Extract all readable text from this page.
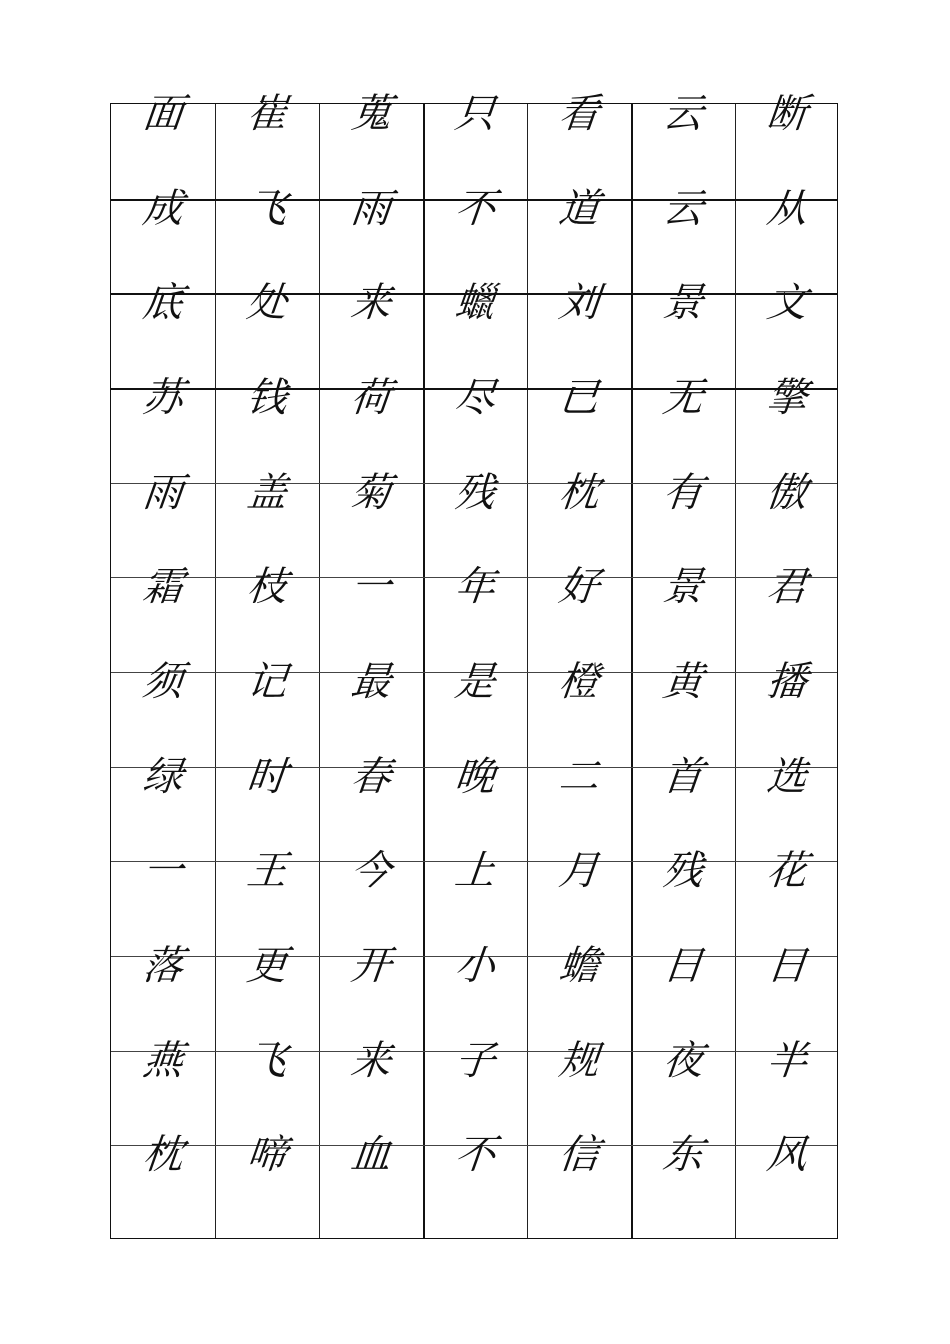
断
从
文
擎
傲
君
播
选
花
日
半
风
云
云
景
无
有
景
黄
首
残
日
夜
东
看
道
刘
已
枕
好
橙
二
月
蟾
规
信
只
不
蠟
尽
残
年
是
晚
上
小
子
不
蒐
雨
来
荷
菊
一
最
春
今
开
来
血
崔
飞
处
钱
盖
枝
记
时
王
更
飞
啼
面
成
底
苏
雨
霜
须
绿
一
落
燕
枕
